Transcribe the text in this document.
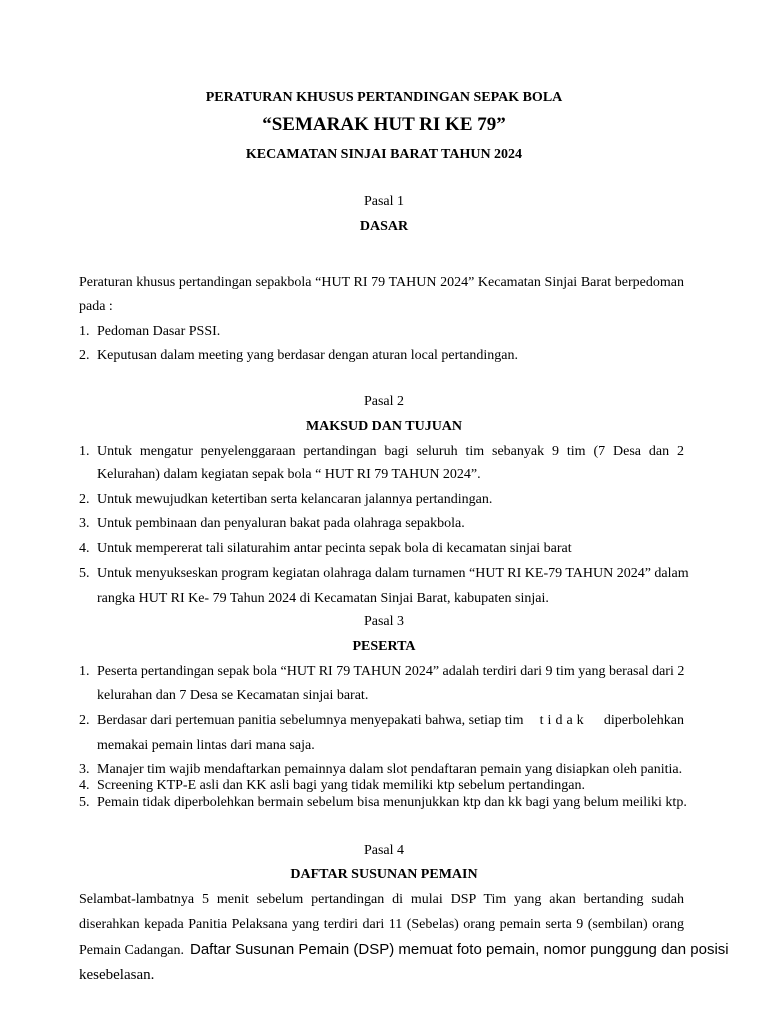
PERATURAN KHUSUS PERTANDINGAN SEPAK BOLA
“SEMARAK HUT RI KE 79”
KECAMATAN SINJAI BARAT TAHUN 2024
Pasal 1
DASAR
Peraturan khusus pertandingan sepakbola “HUT RI 79 TAHUN 2024” Kecamatan Sinjai Barat berpedoman
pada :
1. Pedoman Dasar PSSI.
2. Keputusan dalam meeting yang berdasar dengan aturan local pertandingan.
Pasal 2
MAKSUD DAN TUJUAN
1. Untuk mengatur penyelenggaraan pertandingan bagi seluruh tim sebanyak 9 tim (7 Desa dan 2
Kelurahan) dalam kegiatan sepak bola “ HUT RI 79 TAHUN 2024”.
2. Untuk mewujudkan ketertiban serta kelancaran jalannya pertandingan.
3. Untuk pembinaan dan penyaluran bakat pada olahraga sepakbola.
4. Untuk mempererat tali silaturahim antar pecinta sepak bola di kecamatan sinjai barat
5. Untuk menyukseskan program kegiatan olahraga dalam turnamen “HUT RI KE-79 TAHUN 2024” dalam
rangka HUT RI Ke- 79 Tahun 2024 di Kecamatan Sinjai Barat, kabupaten sinjai.
Pasal 3
PESERTA
1. Peserta pertandingan sepak bola “HUT RI 79 TAHUN 2024” adalah terdiri dari 9 tim yang berasal dari 2
kelurahan dan 7 Desa se Kecamatan sinjai barat.
2. Berdasar dari pertemuan panitia sebelumnya menyepakati bahwa, setiap tim tidak diperbolehkan
memakai pemain lintas dari mana saja.
3. Manajer tim wajib mendaftarkan pemainnya dalam slot pendaftaran pemain yang disiapkan oleh panitia.
4. Screening KTP-E asli dan KK asli bagi yang tidak memiliki ktp sebelum pertandingan.
5. Pemain tidak diperbolehkan bermain sebelum bisa menunjukkan ktp dan kk bagi yang belum meiliki ktp.
Pasal 4
DAFTAR SUSUNAN PEMAIN
Selambat-lambatnya 5 menit sebelum pertandingan di mulai DSP Tim yang akan bertanding sudah
diserahkan kepada Panitia Pelaksana yang terdiri dari 11 (Sebelas) orang pemain serta 9 (sembilan) orang
Pemain Cadangan. Daftar Susunan Pemain (DSP) memuat foto pemain, nomor punggung dan posisi
kesebelasan.
